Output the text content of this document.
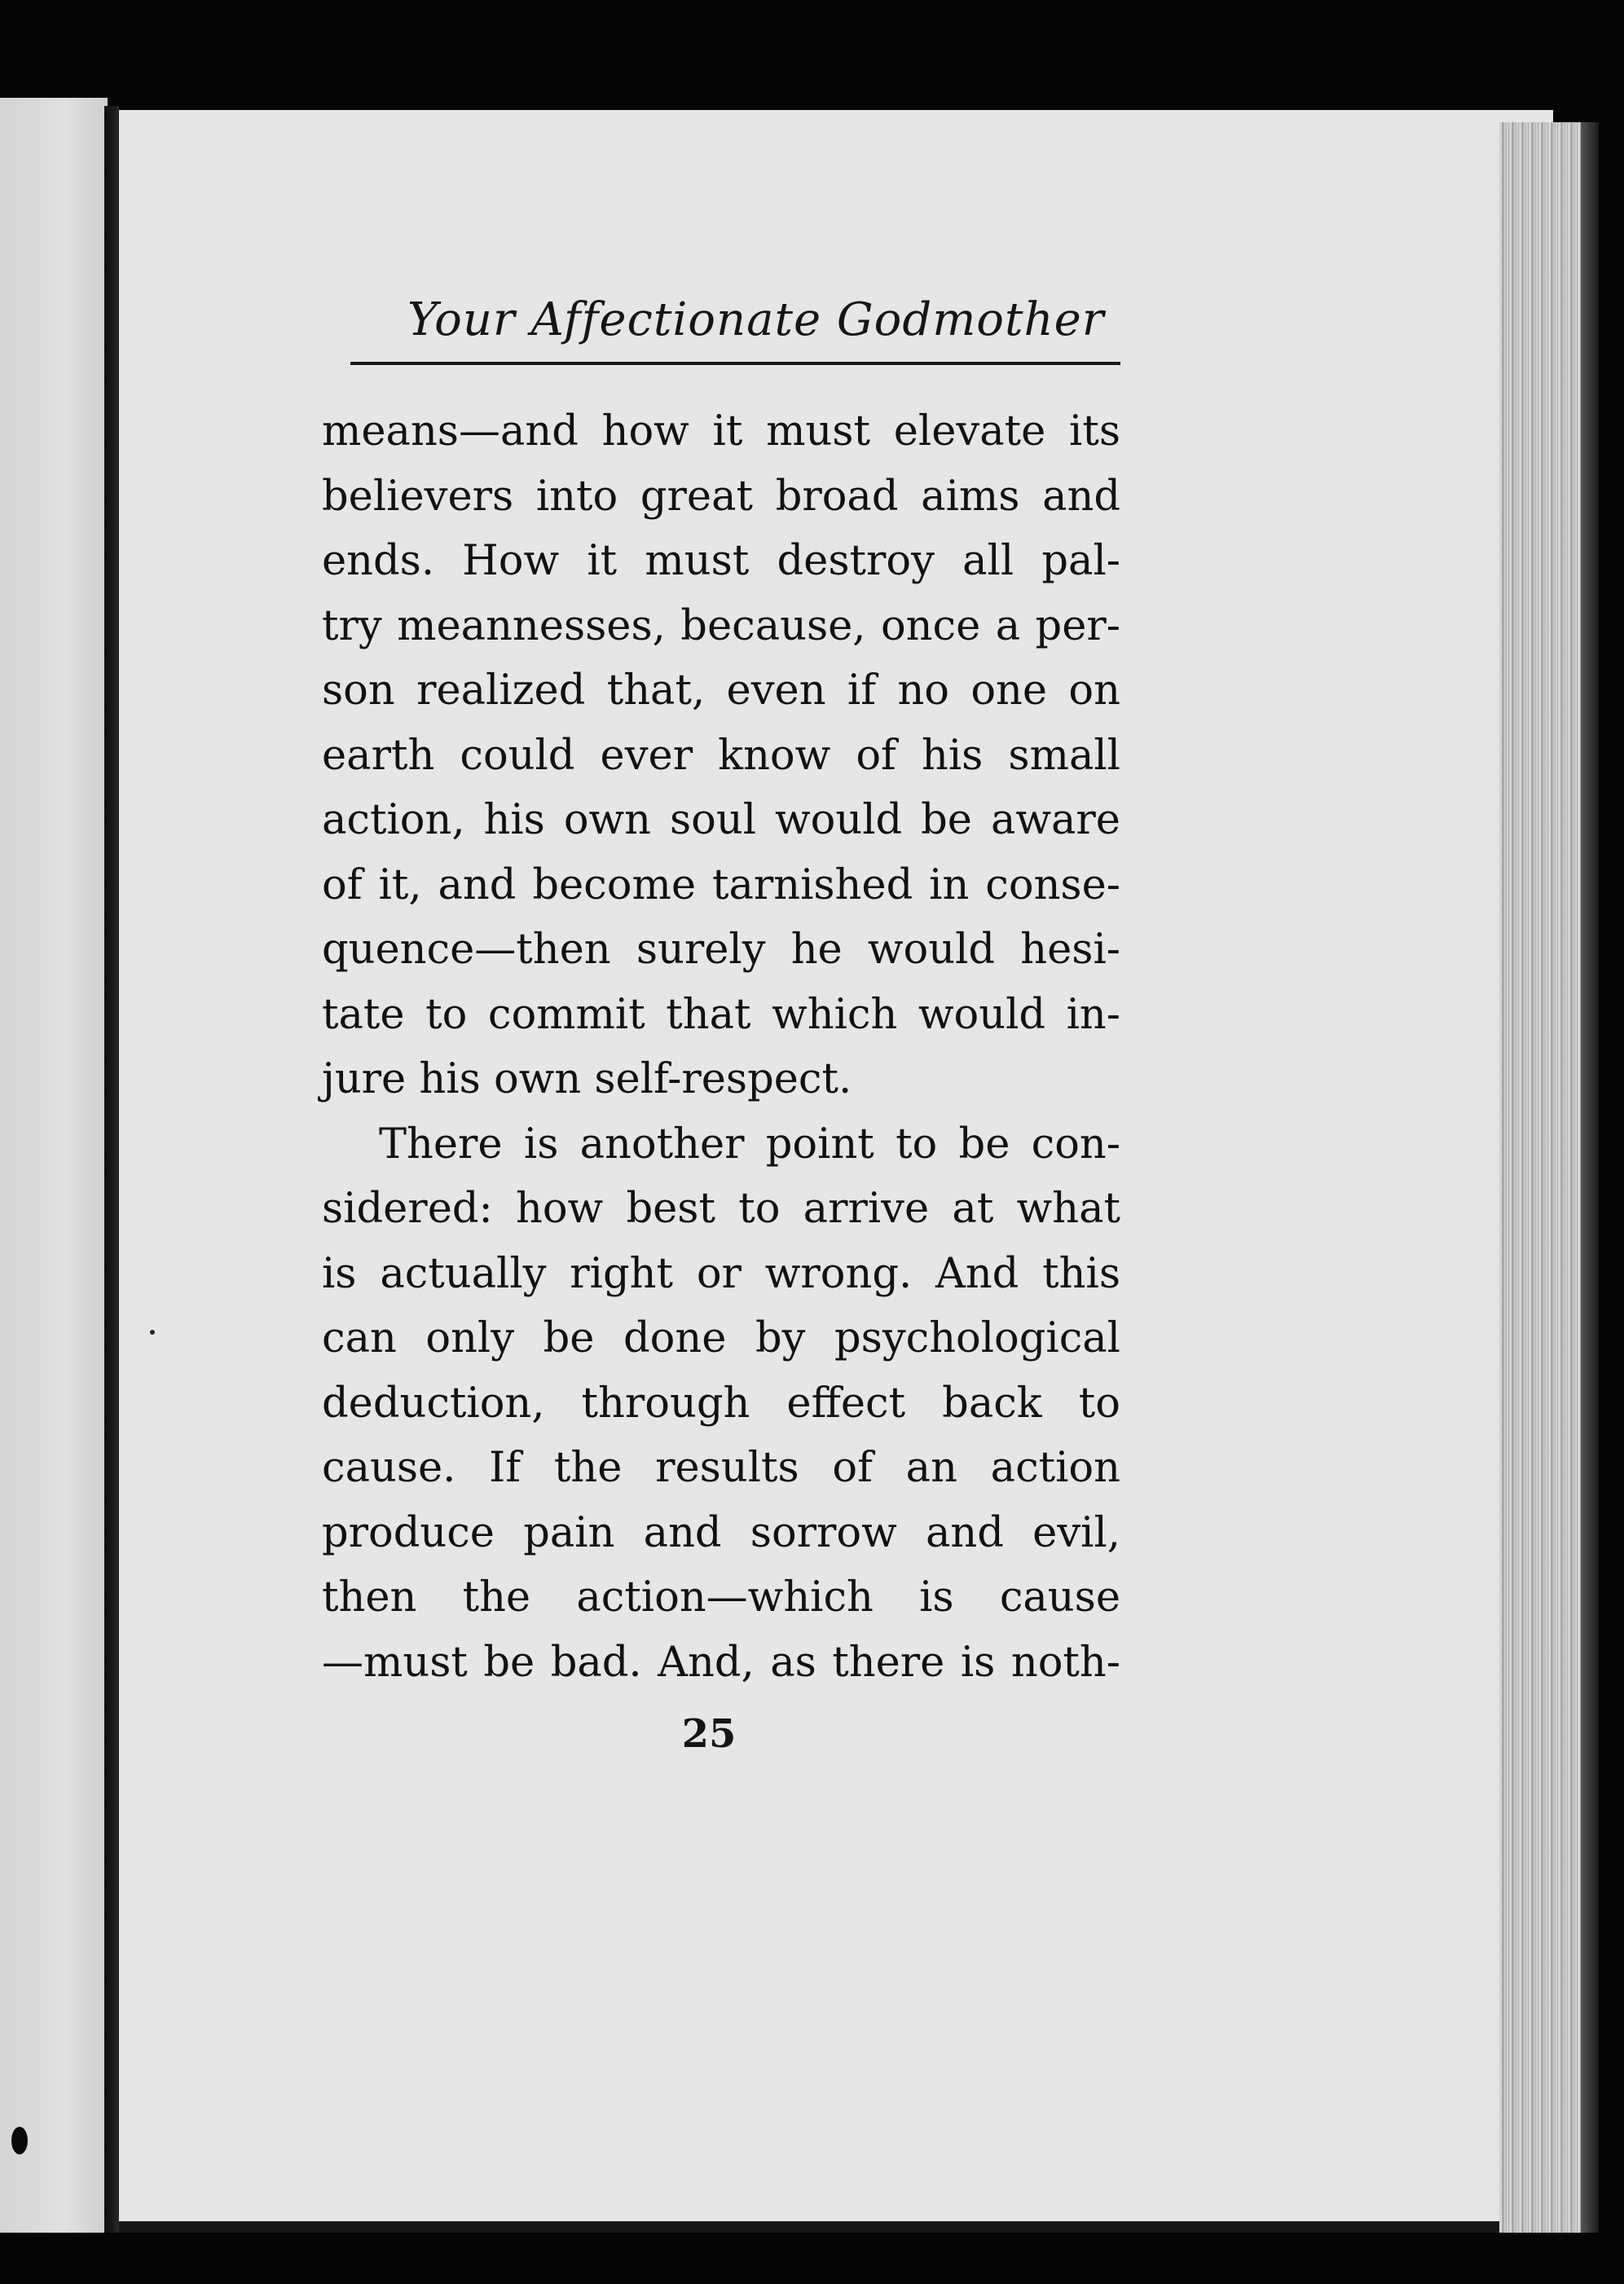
Your Affectionate Godmother
means—and how it must elevate its
believers into great broad aims and
ends. How it must destroy all pal-
try meannesses, because, once a per-
son realized that, even if no one on
earth could ever know of his small
action, his own soul would be aware
of it, and become tarnished in conse-
quence—then surely he would hesi-
tate to commit that which would in-
jure his own self-respect.
There is another point to be con-
sidered: how best to arrive at what
is actually right or wrong. And this
can only be done by psychological
deduction, through effect back to
cause. If the results of an action
produce pain and sorrow and evil,
then the action—which is cause
—must be bad. And, as there is noth-
25
